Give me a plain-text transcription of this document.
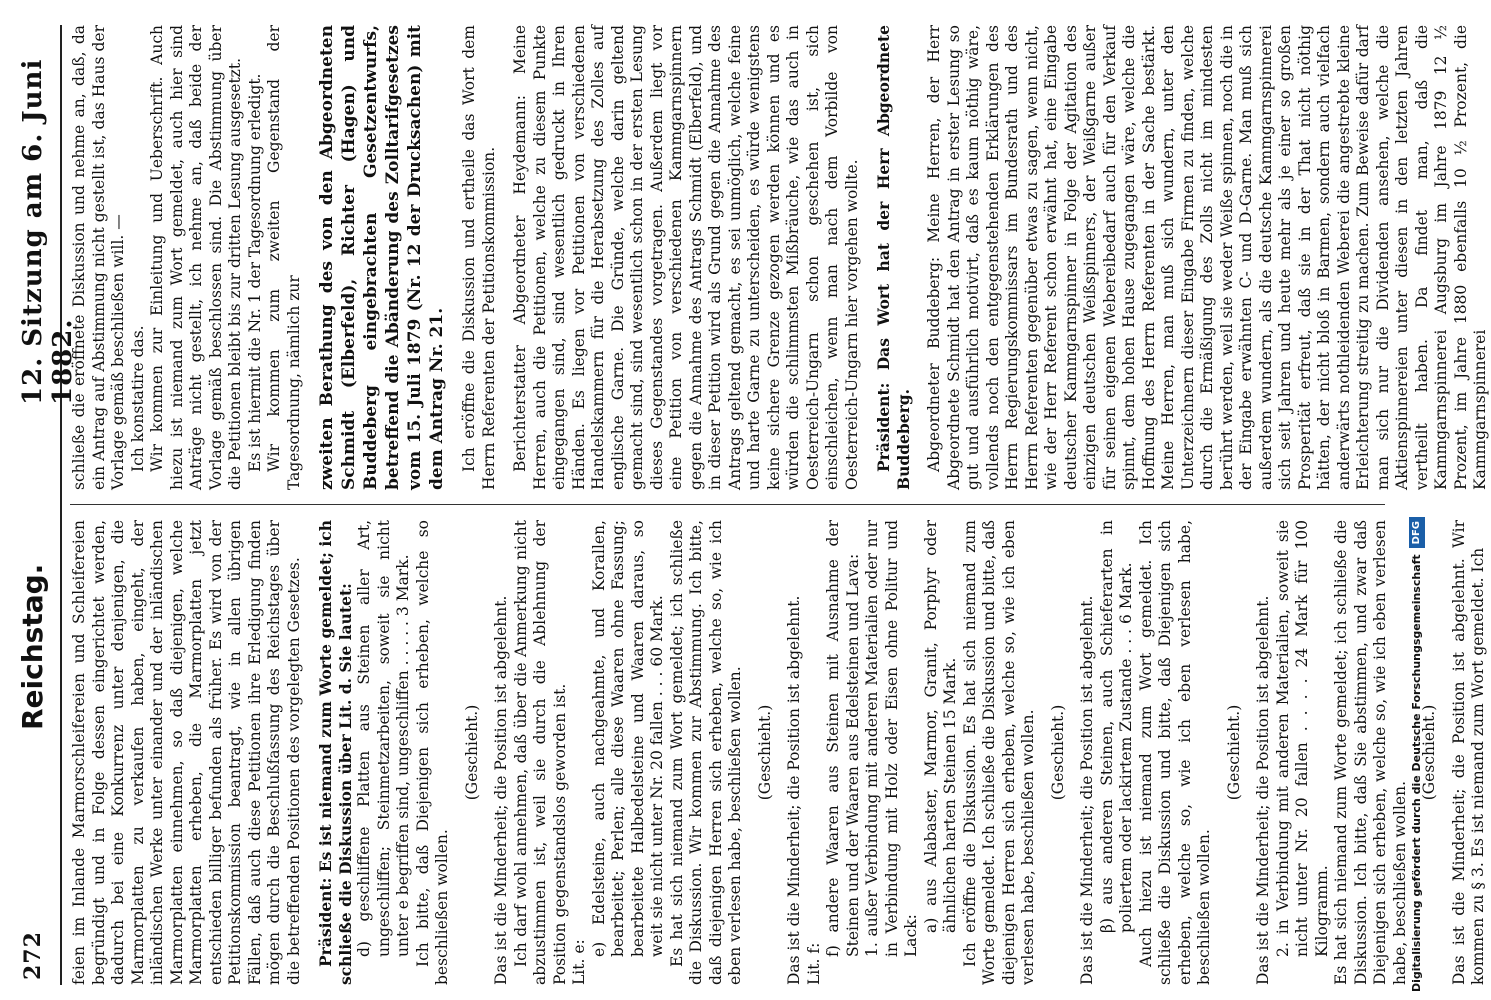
272
Reichstag.
12. Sitzung am 6. Juni 1882.

feien im Inlande Marmorschleifereien und Schleifereien begründigt und in Folge dessen eingerichtet werden, dadurch bei eine Konkurrenz unter denjenigen, die Marmorplatten zu verkaufen haben, eingeht, der inländischen Werke unter einander und der inländischen Marmorplatten einnehmen, so daß diejenigen, welche Marmorplatten erheben, die Marmorplatten jetzt entschieden billiger befunden als früher. Es wird von der Petitionskommission beantragt, wie in allen übrigen Fällen, daß auch diese Petitionen ihre Erledigung finden mögen durch die Beschlußfassung des Reichstages über die betreffenden Positionen des vorgelegten Gesetzes. Präsident: Es ist niemand zum Worte gemeldet; ich schließe die Diskussion über Lit. d. Sie lautet: d) geschliffene Platten aus Steinen aller Art, ungeschliffen; Steinmetzarbeiten, soweit sie nicht unter e begriffen sind, ungeschliffen . . . . . 3 Mark. Ich bitte, daß Diejenigen sich erheben, welche so beschließen wollen.

(Geschieht.) Das ist die Minderheit; die Position ist abgelehnt. Ich darf wohl annehmen, daß über die Anmerkung nicht abzustimmen ist, weil sie durch die Ablehnung der Position gegenstandslos geworden ist. Lit. e:

e) Edelsteine, auch nachgeahmte, und Korallen, bearbeitet; Perlen; alle diese Waaren ohne Fassung; bearbeitete Halbedelsteine und Waaren daraus, so weit sie nicht unter Nr. 20 fallen . . . 60 Mark. Es hat sich niemand zum Wort gemeldet; ich schließe die Diskussion. Wir kommen zur Abstimmung. Ich bitte, daß diejenigen Herren sich erheben, welche so, wie ich eben verlesen habe, beschließen wollen. (Geschieht.) Das ist die Minderheit; die Position ist abgelehnt. Lit. f:

f) andere Waaren aus Steinen mit Ausnahme der Steinen und der Waaren aus Edelsteinen und Lava: 1. außer Verbindung mit anderen Materialien oder nur in Verbindung mit Holz oder Eisen ohne Politur und Lack:

a) aus Alabaster, Marmor, Granit, Porphyr oder ähnlichen harten Steinen 15 Mark. Ich eröffne die Diskussion. Es hat sich niemand zum Worte gemeldet. Ich schließe die Diskussion und bitte, daß diejenigen Herren sich erheben, welche so, wie ich eben verlesen habe, beschließen wollen. (Geschieht.) Das ist die Minderheit; die Position ist abgelehnt. β) aus anderen Steinen, auch Schieferarten in poliertem oder lackirtem Zustande . . . 6 Mark. Auch hiezu ist niemand zum Wort gemeldet. Ich schließe die Diskussion und bitte, daß Diejenigen sich erheben, welche so, wie ich eben verlesen habe, beschließen wollen.

(Geschieht.) Das ist die Minderheit; die Position ist abgelehnt. 2. in Verbindung mit anderen Materialien, soweit sie nicht unter Nr. 20 fallen . . . . 24 Mark für 100 Kilogramm. Es hat sich niemand zum Worte gemeldet; ich schließe die Diskussion. Ich bitte, daß Sie abstimmen, und zwar daß Diejenigen sich erheben, welche so, wie ich eben verlesen habe, beschließen wollen.

(Geschieht.) Das ist die Minderheit; die Position ist abgelehnt. Wir kommen zu § 3. Es ist niemand zum Wort gemeldet. Ich

schließe die eröffnete Diskussion und nehme an, daß, da ein Antrag auf Abstimmung nicht gestellt ist, das Haus der Vorlage gemäß beschließen will. — Ich konstatire das. Wir kommen zur Einleitung und Ueberschrift. Auch hiezu ist niemand zum Wort gemeldet, auch hier sind Anträge nicht gestellt, ich nehme an, daß beide der Vorlage gemäß beschlossen sind. Die Abstimmung über die Petitionen bleibt bis zur dritten Lesung ausgesetzt. Es ist hiermit die Nr. 1 der Tagesordnung erledigt. Wir kommen zum zweiten Gegenstand der Tagesordnung, nämlich zur zweiten Berathung des von den Abgeordneten Schmidt (Elberfeld), Richter (Hagen) und Buddeberg eingebrachten Gesetzentwurfs, betreffend die Abänderung des Zolltarifgesetzes vom 15. Juli 1879 (Nr. 12 der Drucksachen) mit dem Antrag Nr. 21. Ich eröffne die Diskussion und ertheile das Wort dem Herrn Referenten der Petitionskommission. Berichterstatter Abgeordneter Heydemann: Meine Herren, auch die Petitionen, welche zu diesem Punkte eingegangen sind, sind wesentlich gedruckt in Ihren Händen. Es liegen vor Petitionen von verschiedenen Handelskammern für die Herabsetzung des Zolles auf englische Garne. Die Gründe, welche darin geltend gemacht sind, sind wesentlich schon in der ersten Lesung dieses Gegenstandes vorgetragen. Außerdem liegt vor eine Petition von verschiedenen Kammgarnspinnern gegen die Annahme des Antrags Schmidt (Elberfeld), und in dieser Petition wird als Grund gegen die Annahme des Antrags geltend gemacht, es sei unmöglich, welche feine und harte Garne zu unterscheiden, es würde wenigstens keine sichere Grenze gezogen werden können und es würden die schlimmsten Mißbräuche, wie das auch in Oesterreich-Ungarn schon geschehen ist, sich einschleichen, wenn man nach dem Vorbilde von Oesterreich-Ungarn hier vorgehen wollte. Präsident: Das Wort hat der Herr Abgeordnete Buddeberg. Abgeordneter Buddeberg: Meine Herren, der Herr Abgeordnete Schmidt hat den Antrag in erster Lesung so gut und ausführlich motivirt, daß es kaum nöthig wäre, vollends noch den entgegenstehenden Erklärungen des Herrn Regierungskommissars im Bundesrath und des Herrn Referenten gegenüber etwas zu sagen, wenn nicht, wie der Herr Referent schon erwähnt hat, eine Eingabe deutscher Kammgarnspinner in Folge der Agitation des einzigen deutschen Weißspinners, der Weißgarne außer für seinen eigenen Webereibedarf auch für den Verkauf spinnt, dem hohen Hause zugegangen wäre, welche die Hoffnung des Herrn Referenten in der Sache bestärkt. Meine Herren, man muß sich wundern, unter den Unterzeichnern dieser Eingabe Firmen zu finden, welche durch die Ermäßigung des Zolls nicht im mindesten berührt werden, weil sie weder Weiße spinnen, noch die in der Eingabe erwähnten C- und D-Garne. Man muß sich außerdem wundern, als die deutsche Kammgarnspinnerei sich seit Jahren und heute mehr als je einer so großen Prosperität erfreut, daß sie in der That nicht nöthig hätten, der nicht bloß in Barmen, sondern auch vielfach anderwärts nothleidenden Weberei die angestrebte kleine Erleichterung streitig zu machen. Zum Beweise dafür darf man sich nur die Dividenden ansehen, welche die Aktienspinnereien unter diesen in den letzten Jahren vertheilt haben. Da findet man, daß die Kammgarnspinnerei Augsburg im Jahre 1879 12 ½ Prozent, im Jahre 1880 ebenfalls 10 ½ Prozent, die Kammgarnspinnerei

Digitalisierung gefördert durch die Deutsche ForschungsgemeinschaftDFG
